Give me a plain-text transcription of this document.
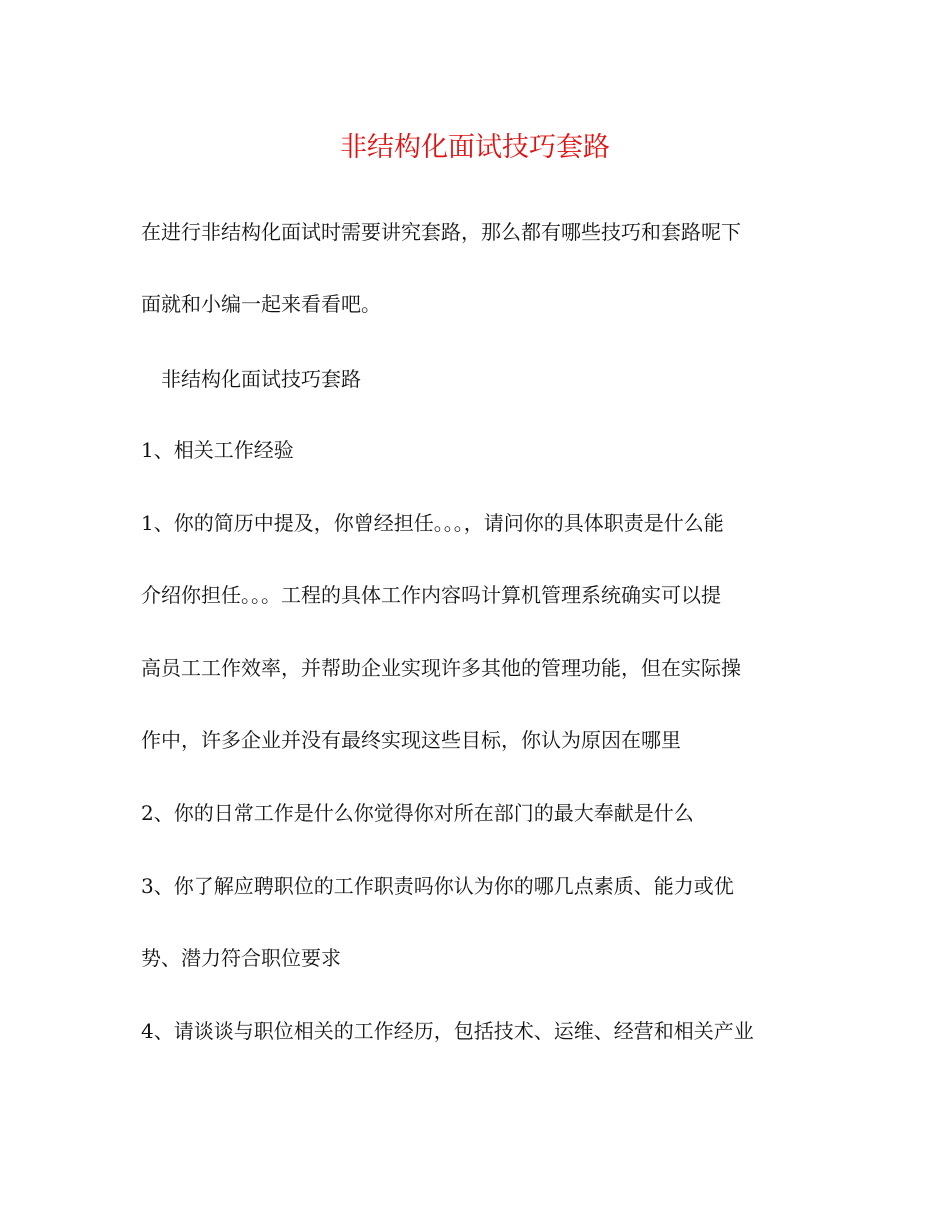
非结构化面试技巧套路

在进行非结构化面试时需要讲究套路，那么都有哪些技巧和套路呢下

面就和小编一起来看看吧。

非结构化面试技巧套路

1、相关工作经验

1、你的简历中提及，你曾经担任。。。，请问你的具体职责是什么能

介绍你担任。。。工程的具体工作内容吗计算机管理系统确实可以提

高员工工作效率，并帮助企业实现许多其他的管理功能，但在实际操

作中，许多企业并没有最终实现这些目标，你认为原因在哪里

2、你的日常工作是什么你觉得你对所在部门的最大奉献是什么

3、你了解应聘职位的工作职责吗你认为你的哪几点素质、能力或优

势、潜力符合职位要求

4、请谈谈与职位相关的工作经历，包括技术、运维、经营和相关产业
